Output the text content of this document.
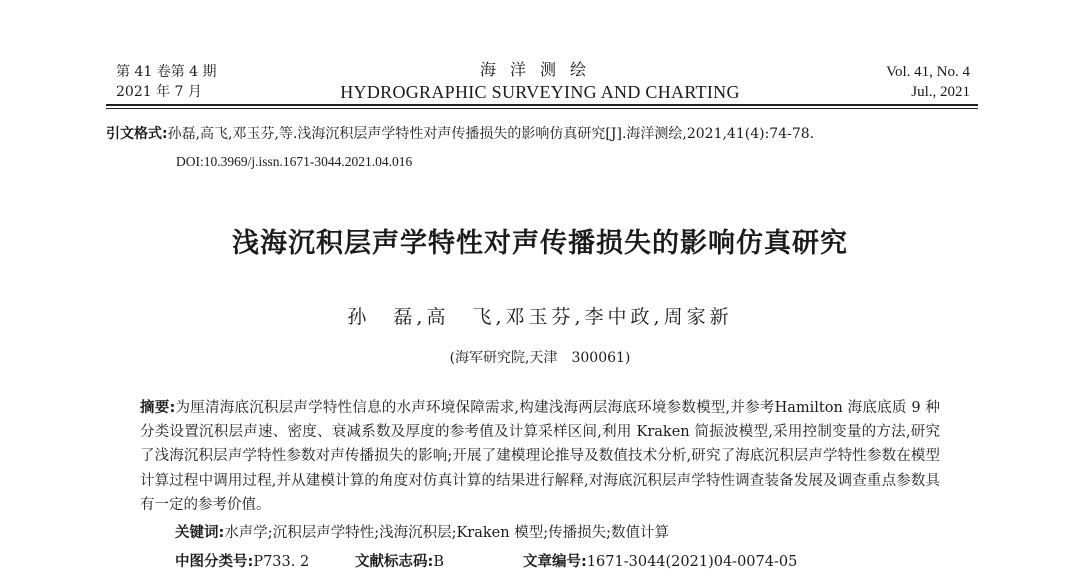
第 41 卷第 4 期
2021 年 7 月
海洋测绘
HYDROGRAPHIC SURVEYING AND CHARTING
Vol. 41, No. 4
Jul., 2021
引文格式:孙磊,高飞,邓玉芬,等.浅海沉积层声学特性对声传播损失的影响仿真研究[J].海洋测绘,2021,41(4):74-78.
DOI:10.3969/j.issn.1671-3044.2021.04.016
浅海沉积层声学特性对声传播损失的影响仿真研究
孙　磊,高　飞,邓玉芬,李中政,周家新
(海军研究院,天津　300061)
摘要:为厘清海底沉积层声学特性信息的水声环境保障需求,构建浅海两层海底环境参数模型,并参考Hamilton 海底底质 9 种分类设置沉积层声速、密度、衰减系数及厚度的参考值及计算采样区间,利用 Kraken 简振波模型,采用控制变量的方法,研究了浅海沉积层声学特性参数对声传播损失的影响;开展了建模理论推导及数值技术分析,研究了海底沉积层声学特性参数在模型计算过程中调用过程,并从建模计算的角度对仿真计算的结果进行解释,对海底沉积层声学特性调查装备发展及调查重点参数具有一定的参考价值。
关键词:水声学;沉积层声学特性;浅海沉积层;Kraken 模型;传播损失;数值计算
中图分类号:P733. 2	文献标志码:B	文章编号:1671-3044(2021)04-0074-05
